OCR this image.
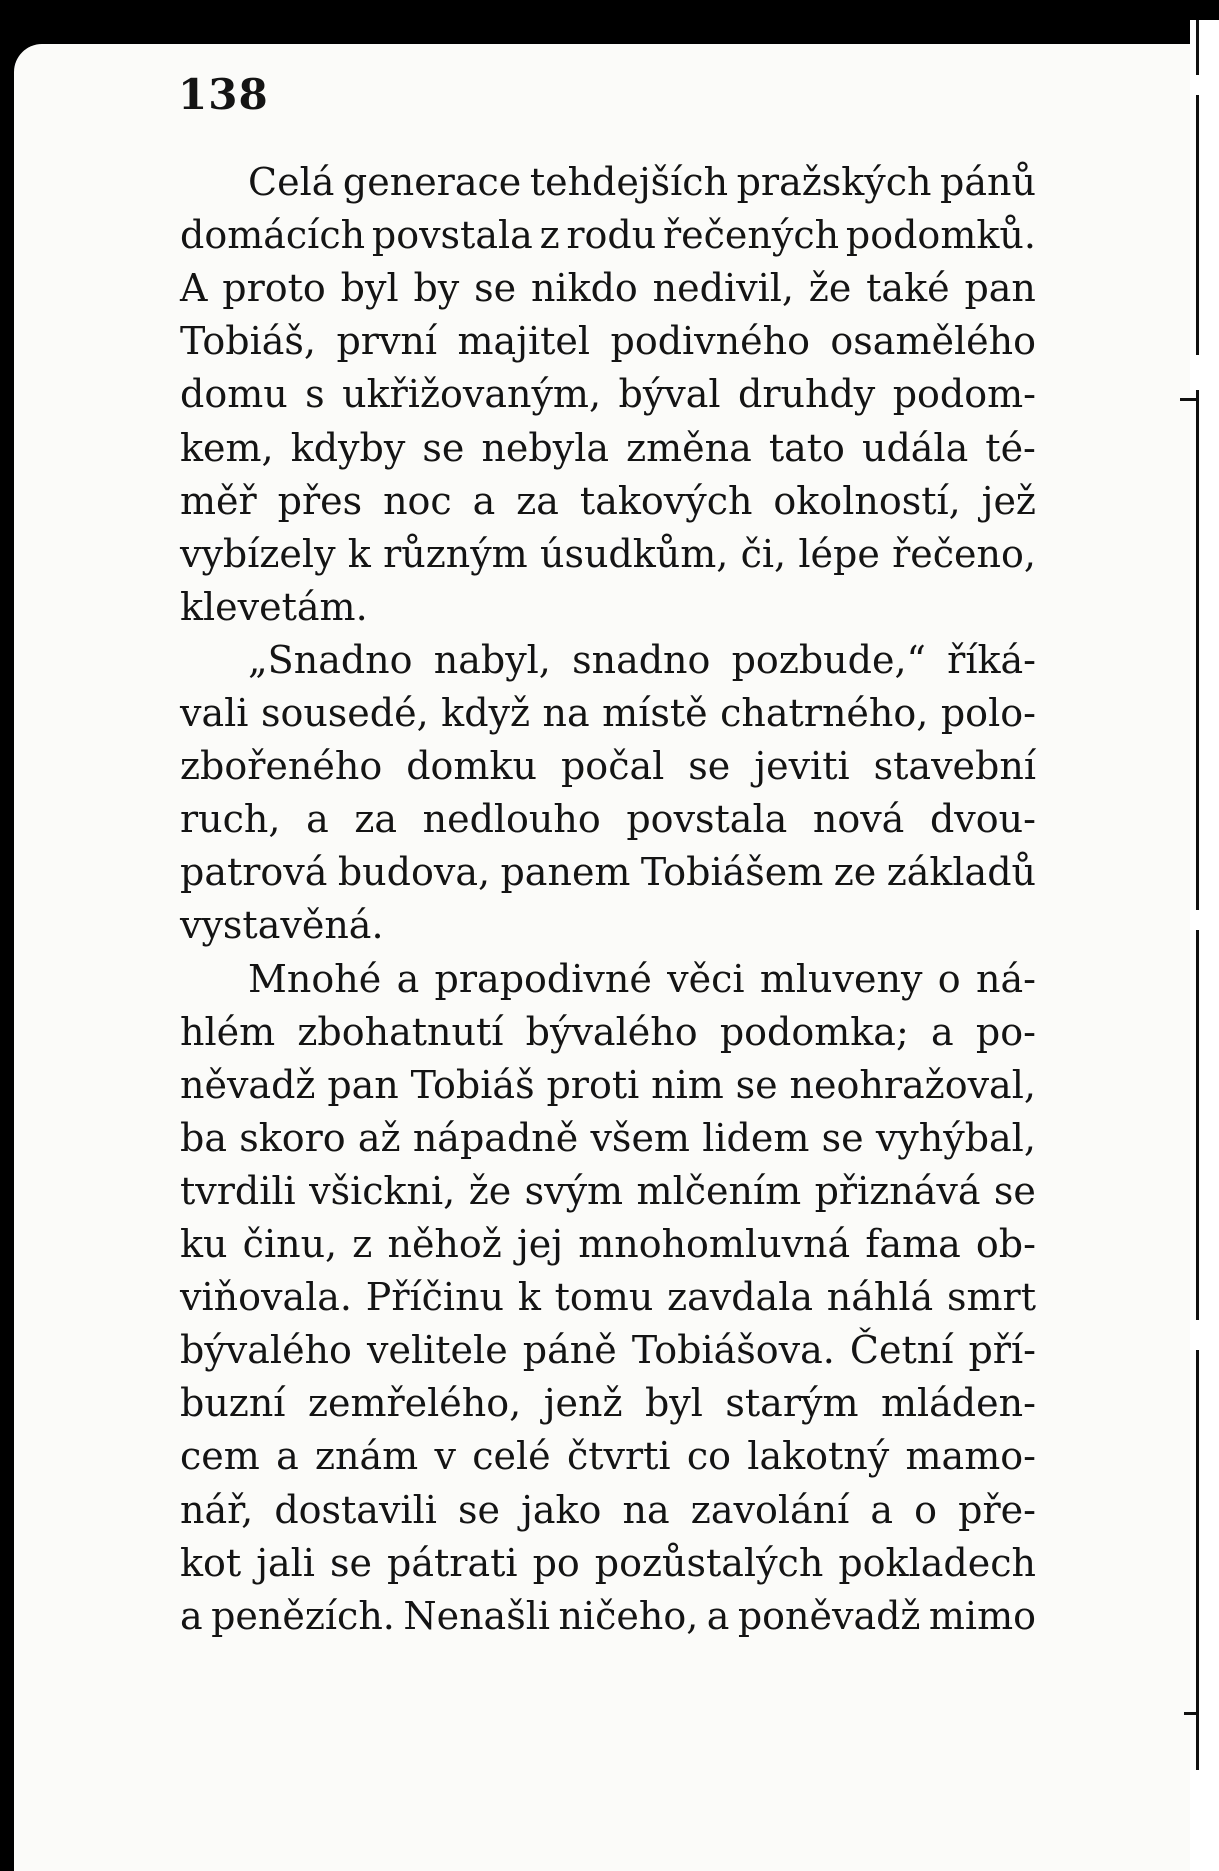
138
Celá generace tehdejších pražských pánů
domácích povstala z rodu řečených podomků.
A proto byl by se nikdo nedivil, že také pan
Tobiáš, první majitel podivného osamělého
domu s ukřižovaným, býval druhdy podom-
kem, kdyby se nebyla změna tato udála té-
měř přes noc a za takových okolností, jež
vybízely k různým úsudkům, či, lépe řečeno,
klevetám.
„Snadno nabyl, snadno pozbude,“ říká-
vali sousedé, když na místě chatrného, polo-
zbořeného domku počal se jeviti stavební
ruch, a za nedlouho povstala nová dvou-
patrová budova, panem Tobiášem ze základů
vystavěná.
Mnohé a prapodivné věci mluveny o ná-
hlém zbohatnutí bývalého podomka; a po-
něvadž pan Tobiáš proti nim se neohražoval,
ba skoro až nápadně všem lidem se vyhýbal,
tvrdili všickni, že svým mlčením přiznává se
ku činu, z něhož jej mnohomluvná fama ob-
viňovala. Příčinu k tomu zavdala náhlá smrt
bývalého velitele páně Tobiášova. Četní pří-
buzní zemřelého, jenž byl starým mláden-
cem a znám v celé čtvrti co lakotný mamo-
nář, dostavili se jako na zavolání a o pře-
kot jali se pátrati po pozůstalých pokladech
a penězích. Nenašli ničeho, a poněvadž mimo
